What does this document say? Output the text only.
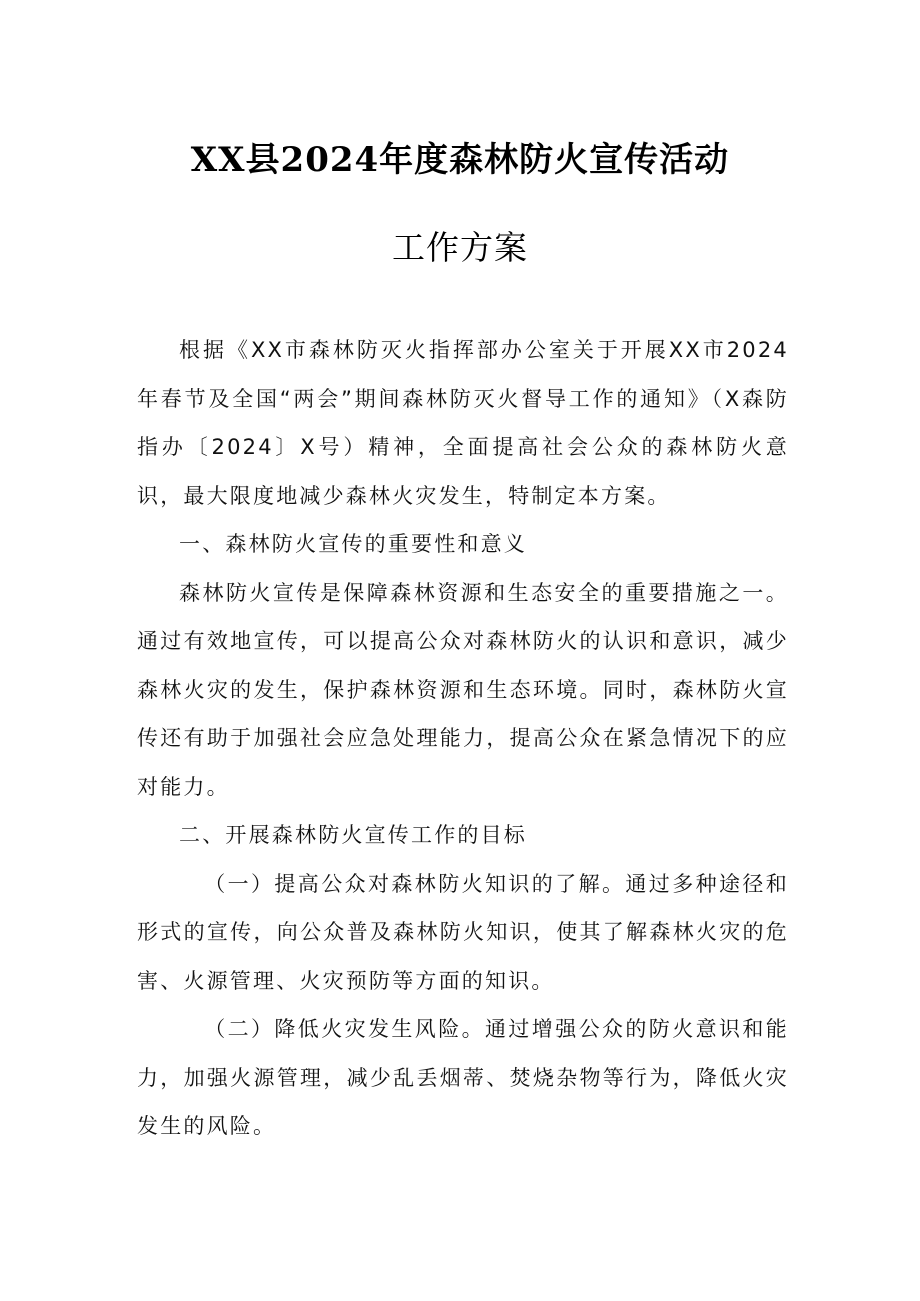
XX县2024年度森林防火宣传活动
工作方案

根据《XX市森林防灭火指挥部办公室关于开展XX市2024年春节及全国“两会”期间森林防灭火督导工作的通知》（X森防指办〔2024〕X号）精神，全面提高社会公众的森林防火意识，最大限度地减少森林火灾发生，特制定本方案。

一、森林防火宣传的重要性和意义

森林防火宣传是保障森林资源和生态安全的重要措施之一。通过有效地宣传，可以提高公众对森林防火的认识和意识，减少森林火灾的发生，保护森林资源和生态环境。同时，森林防火宣传还有助于加强社会应急处理能力，提高公众在紧急情况下的应对能力。

二、开展森林防火宣传工作的目标

（一）提高公众对森林防火知识的了解。通过多种途径和形式的宣传，向公众普及森林防火知识，使其了解森林火灾的危害、火源管理、火灾预防等方面的知识。

（二）降低火灾发生风险。通过增强公众的防火意识和能力，加强火源管理，减少乱丢烟蒂、焚烧杂物等行为，降低火灾发生的风险。
